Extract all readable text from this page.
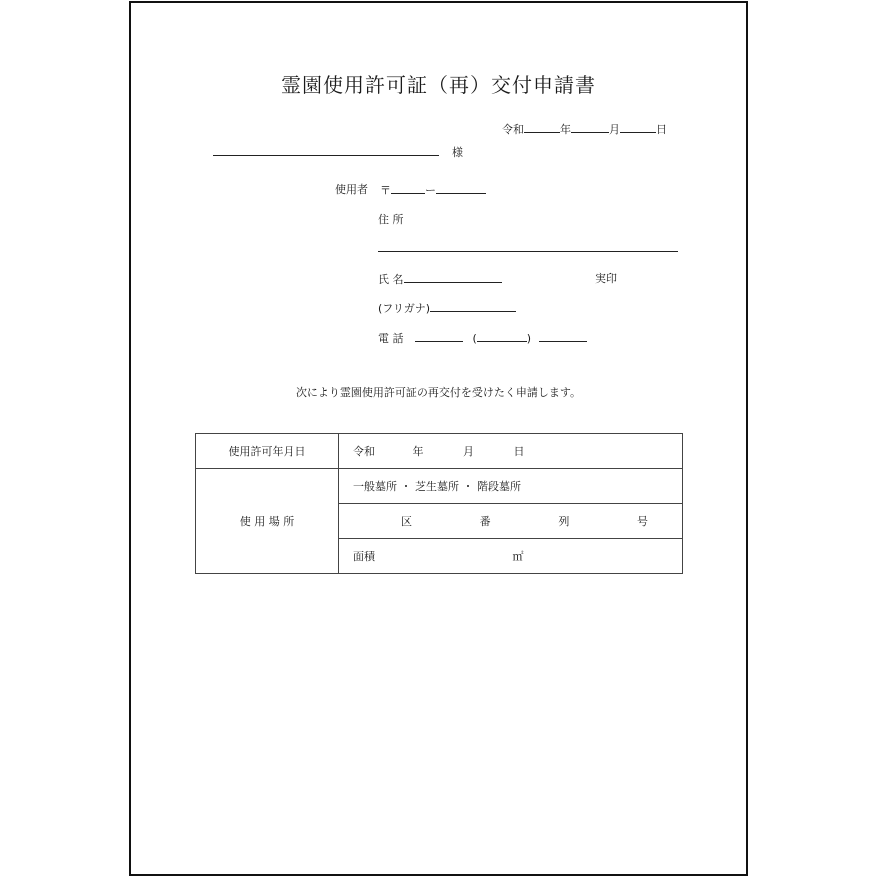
霊園使用許可証（再）交付申請書
令和	年	月	日
様
使用者 〒	ー
住 所
氏 名	実印
(フリガナ)
電 話	(	)
次により霊園使用許可証の再交付を受けたく申請します。
使用許可年月日	令和 年 月 日
使 用 場 所	一般墓所 ・ 芝生墓所 ・ 階段墓所

	区 番 列 号

	面積 ㎡
